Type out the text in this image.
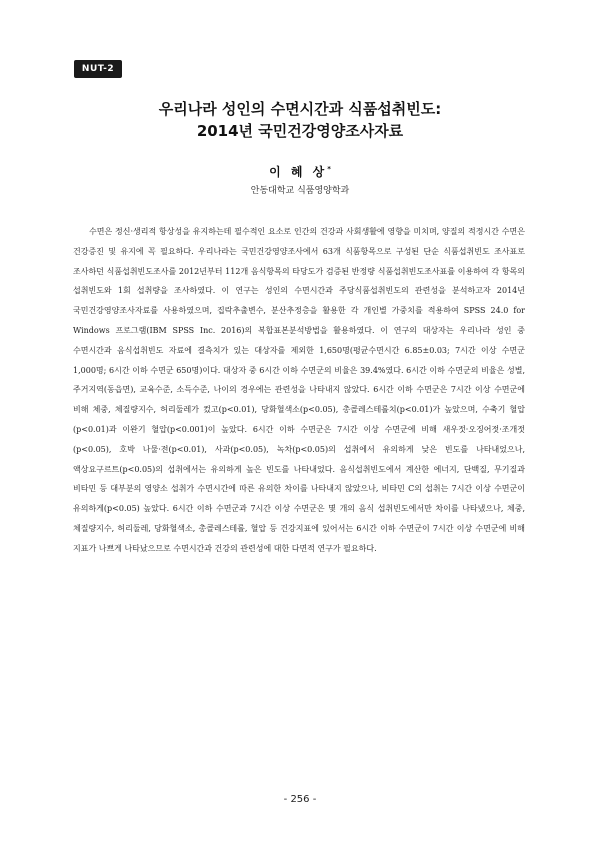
NUT-2
우리나라 성인의 수면시간과 식품섭취빈도:
2014년 국민건강영양조사자료
이 혜 상*
안동대학교 식품영양학과

수면은 정신·생리적 항상성을 유지하는데 필수적인 요소로 인간의 건강과 사회생활에 영향을 미치며, 양질의 적정시간 수면은 건강증진 및 유지에 꼭 필요하다. 우리나라는 국민건강영양조사에서 63개 식품항목으로 구성된 단순 식품섭취빈도 조사표로 조사하던 식품섭취빈도조사를 2012년부터 112개 음식항목의 타당도가 검증된 반정량 식품섭취빈도조사표를 이용하여 각 항목의 섭취빈도와 1회 섭취량을 조사하였다. 이 연구는 성인의 수면시간과 주당식품섭취빈도의 관련성을 분석하고자 2014년 국민건강영양조사자료를 사용하였으며, 집락추출변수, 분산추정층을 활용한 각 개인별 가중치를 적용하여 SPSS 24.0 for Windows 프로그램(IBM SPSS Inc. 2016)의 복합표본분석방법을 활용하였다. 이 연구의 대상자는 우리나라 성인 중 수면시간과 음식섭취빈도 자료에 결측치가 있는 대상자를 제외한 1,650명(평균수면시간 6.85±0.03; 7시간 이상 수면군 1,000명; 6시간 이하 수면군 650명)이다. 대상자 중 6시간 이하 수면군의 비율은 39.4%였다. 6시간 이하 수면군의 비율은 성별, 주거지역(동읍면), 교육수준, 소득수준, 나이의 경우에는 관련성을 나타내지 않았다. 6시간 이하 수면군은 7시간 이상 수면군에 비해 체중, 체질량지수, 허리둘레가 컸고(p<0.01), 당화혈색소(p<0.05), 총콜레스테롤치(p<0.01)가 높았으며, 수축기 혈압(p<0.01)과 이완기 혈압(p<0.001)이 높았다. 6시간 이하 수면군은 7시간 이상 수면군에 비해 새우젓·오징어젓·조개젓(p<0.05), 호박 나물·전(p<0.01), 사과(p<0.05), 녹차(p<0.05)의 섭취에서 유의하게 낮은 빈도를 나타내었으나, 액상요구르트(p<0.05)의 섭취에서는 유의하게 높은 빈도를 나타내었다. 음식섭취빈도에서 계산한 에너지, 단백질, 무기질과 비타민 등 대부분의 영양소 섭취가 수면시간에 따른 유의한 차이를 나타내지 않았으나, 비타민 C의 섭취는 7시간 이상 수면군이 유의하게(p<0.05) 높았다. 6시간 이하 수면군과 7시간 이상 수면군은 몇 개의 음식 섭취빈도에서만 차이를 나타냈으나, 체중, 체질량지수, 허리둘레, 당화혈색소, 총콜레스테롤, 혈압 등 건강지표에 있어서는 6시간 이하 수면군이 7시간 이상 수면군에 비해 지표가 나쁘게 나타났으므로 수면시간과 건강의 관련성에 대한 다면적 연구가 필요하다.

- 256 -
